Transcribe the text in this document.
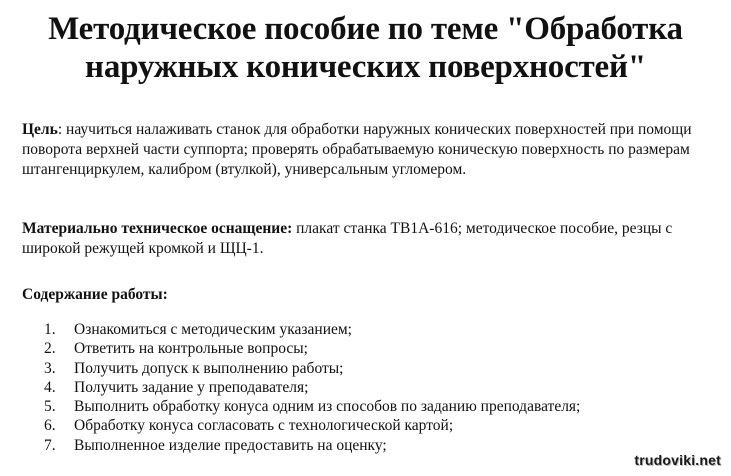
Методическое пособие по теме "Обработка
наружных конических поверхностей"

Цель: научиться налаживать станок для обработки наружных конических поверхностей при помощи поворота верхней части суппорта; проверять обрабатываемую коническую поверхность по размерам штангенциркулем, калибром (втулкой), универсальным угломером.

Материально техническое оснащение: плакат станка ТВ1А-616; методическое пособие, резцы с широкой режущей кромкой и ЩЦ-1.

Содержание работы:

1.	Ознакомиться с методическим указанием;
2.	Ответить на контрольные вопросы;
3.	Получить допуск к выполнению работы;
4.	Получить задание у преподавателя;
5.	Выполнить обработку конуса одним из способов по заданию преподавателя;
6.	Обработку конуса согласовать с технологической картой;
7.	Выполненное изделие предоставить на оценку;
trudoviki.net
